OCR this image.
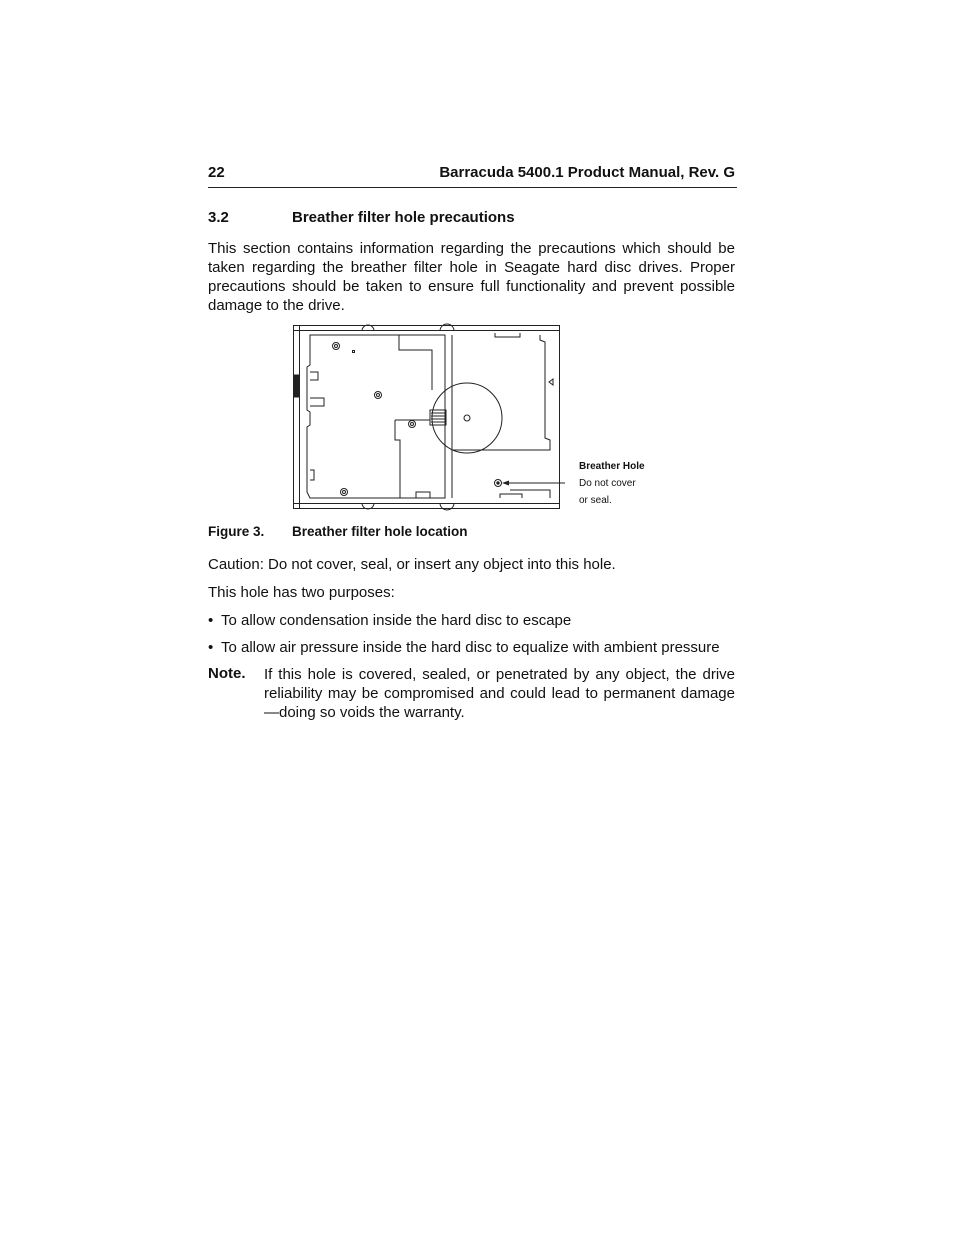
22	Barracuda 5400.1 Product Manual, Rev. G
3.2	Breather filter hole precautions
This section contains information regarding the precautions which should be taken regarding the breather filter hole in Seagate hard disc drives. Proper precautions should be taken to ensure full functionality and prevent possible damage to the drive.
Breather Hole
Do not cover
or seal.
Figure 3. Breather filter hole location
Caution: Do not cover, seal, or insert any object into this hole.
This hole has two purposes:
• To allow condensation inside the hard disc to escape
• To allow air pressure inside the hard disc to equalize with ambient pressure
Note. If this hole is covered, sealed, or penetrated by any object, the drive reliability may be compromised and could lead to permanent damage—doing so voids the warranty.
